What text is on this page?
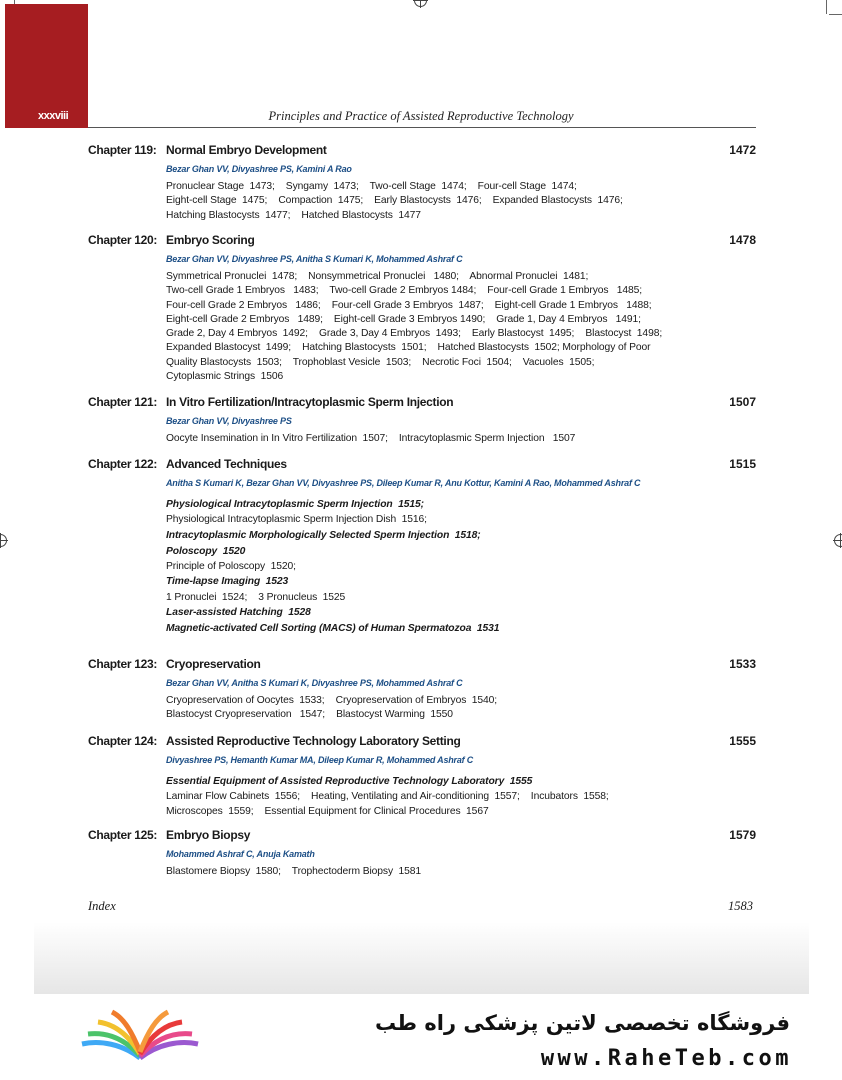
xxxviii	Principles and Practice of Assisted Reproductive Technology
Chapter 119: Normal Embryo Development	1472
Bezar Ghan VV, Divyashree PS, Kamini A Rao
Pronuclear Stage  1473;    Syngamy  1473;    Two-cell Stage  1474;    Four-cell Stage  1474;
Eight-cell Stage  1475;    Compaction  1475;    Early Blastocysts  1476;    Expanded Blastocysts  1476;
Hatching Blastocysts  1477;    Hatched Blastocysts  1477
Chapter 120: Embryo Scoring	1478
Bezar Ghan VV, Divyashree PS, Anitha S Kumari K, Mohammed Ashraf C
Symmetrical Pronuclei  1478;    Nonsymmetrical Pronuclei   1480;    Abnormal Pronuclei  1481;
Two-cell Grade 1 Embryos   1483;    Two-cell Grade 2 Embryos 1484;    Four-cell Grade 1 Embryos   1485;
Four-cell Grade 2 Embryos   1486;    Four-cell Grade 3 Embryos  1487;    Eight-cell Grade 1 Embryos   1488;
Eight-cell Grade 2 Embryos   1489;    Eight-cell Grade 3 Embryos 1490;    Grade 1, Day 4 Embryos   1491;
Grade 2, Day 4 Embryos  1492;    Grade 3, Day 4 Embryos  1493;    Early Blastocyst  1495;    Blastocyst  1498;
Expanded Blastocyst  1499;    Hatching Blastocysts  1501;    Hatched Blastocysts  1502; Morphology of Poor
Quality Blastocysts  1503;    Trophoblast Vesicle  1503;    Necrotic Foci  1504;    Vacuoles  1505;
Cytoplasmic Strings  1506
Chapter 121: In Vitro Fertilization/Intracytoplasmic Sperm Injection	1507
Bezar Ghan VV, Divyashree PS
Oocyte Insemination in In Vitro Fertilization  1507;    Intracytoplasmic Sperm Injection   1507
Chapter 122: Advanced Techniques	1515
Anitha S Kumari K, Bezar Ghan VV, Divyashree PS, Dileep Kumar R, Anu Kottur, Kamini A Rao, Mohammed Ashraf C
Physiological Intracytoplasmic Sperm Injection  1515;
Physiological Intracytoplasmic Sperm Injection Dish  1516;
Intracytoplasmic Morphologically Selected Sperm Injection  1518;
Poloscopy  1520
Principle of Poloscopy  1520;
Time-lapse Imaging  1523
1 Pronuclei  1524;    3 Pronucleus  1525
Laser-assisted Hatching  1528
Magnetic-activated Cell Sorting (MACS) of Human Spermatozoa  1531
Chapter 123: Cryopreservation	1533
Bezar Ghan VV, Anitha S Kumari K, Divyashree PS, Mohammed Ashraf C
Cryopreservation of Oocytes  1533;    Cryopreservation of Embryos  1540;
Blastocyst Cryopreservation   1547;    Blastocyst Warming  1550
Chapter 124: Assisted Reproductive Technology Laboratory Setting	1555
Divyashree PS, Hemanth Kumar MA, Dileep Kumar R, Mohammed Ashraf C
Essential Equipment of Assisted Reproductive Technology Laboratory  1555
Laminar Flow Cabinets  1556;    Heating, Ventilating and Air-conditioning  1557;    Incubators  1558;
Microscopes  1559;    Essential Equipment for Clinical Procedures  1567
Chapter 125: Embryo Biopsy	1579
Mohammed Ashraf C, Anuja Kamath
Blastomere Biopsy  1580;    Trophectoderm Biopsy  1581
Index	1583
فروشگاه تخصصی لاتین پزشکی راه طب
www.RaheTeb.com
